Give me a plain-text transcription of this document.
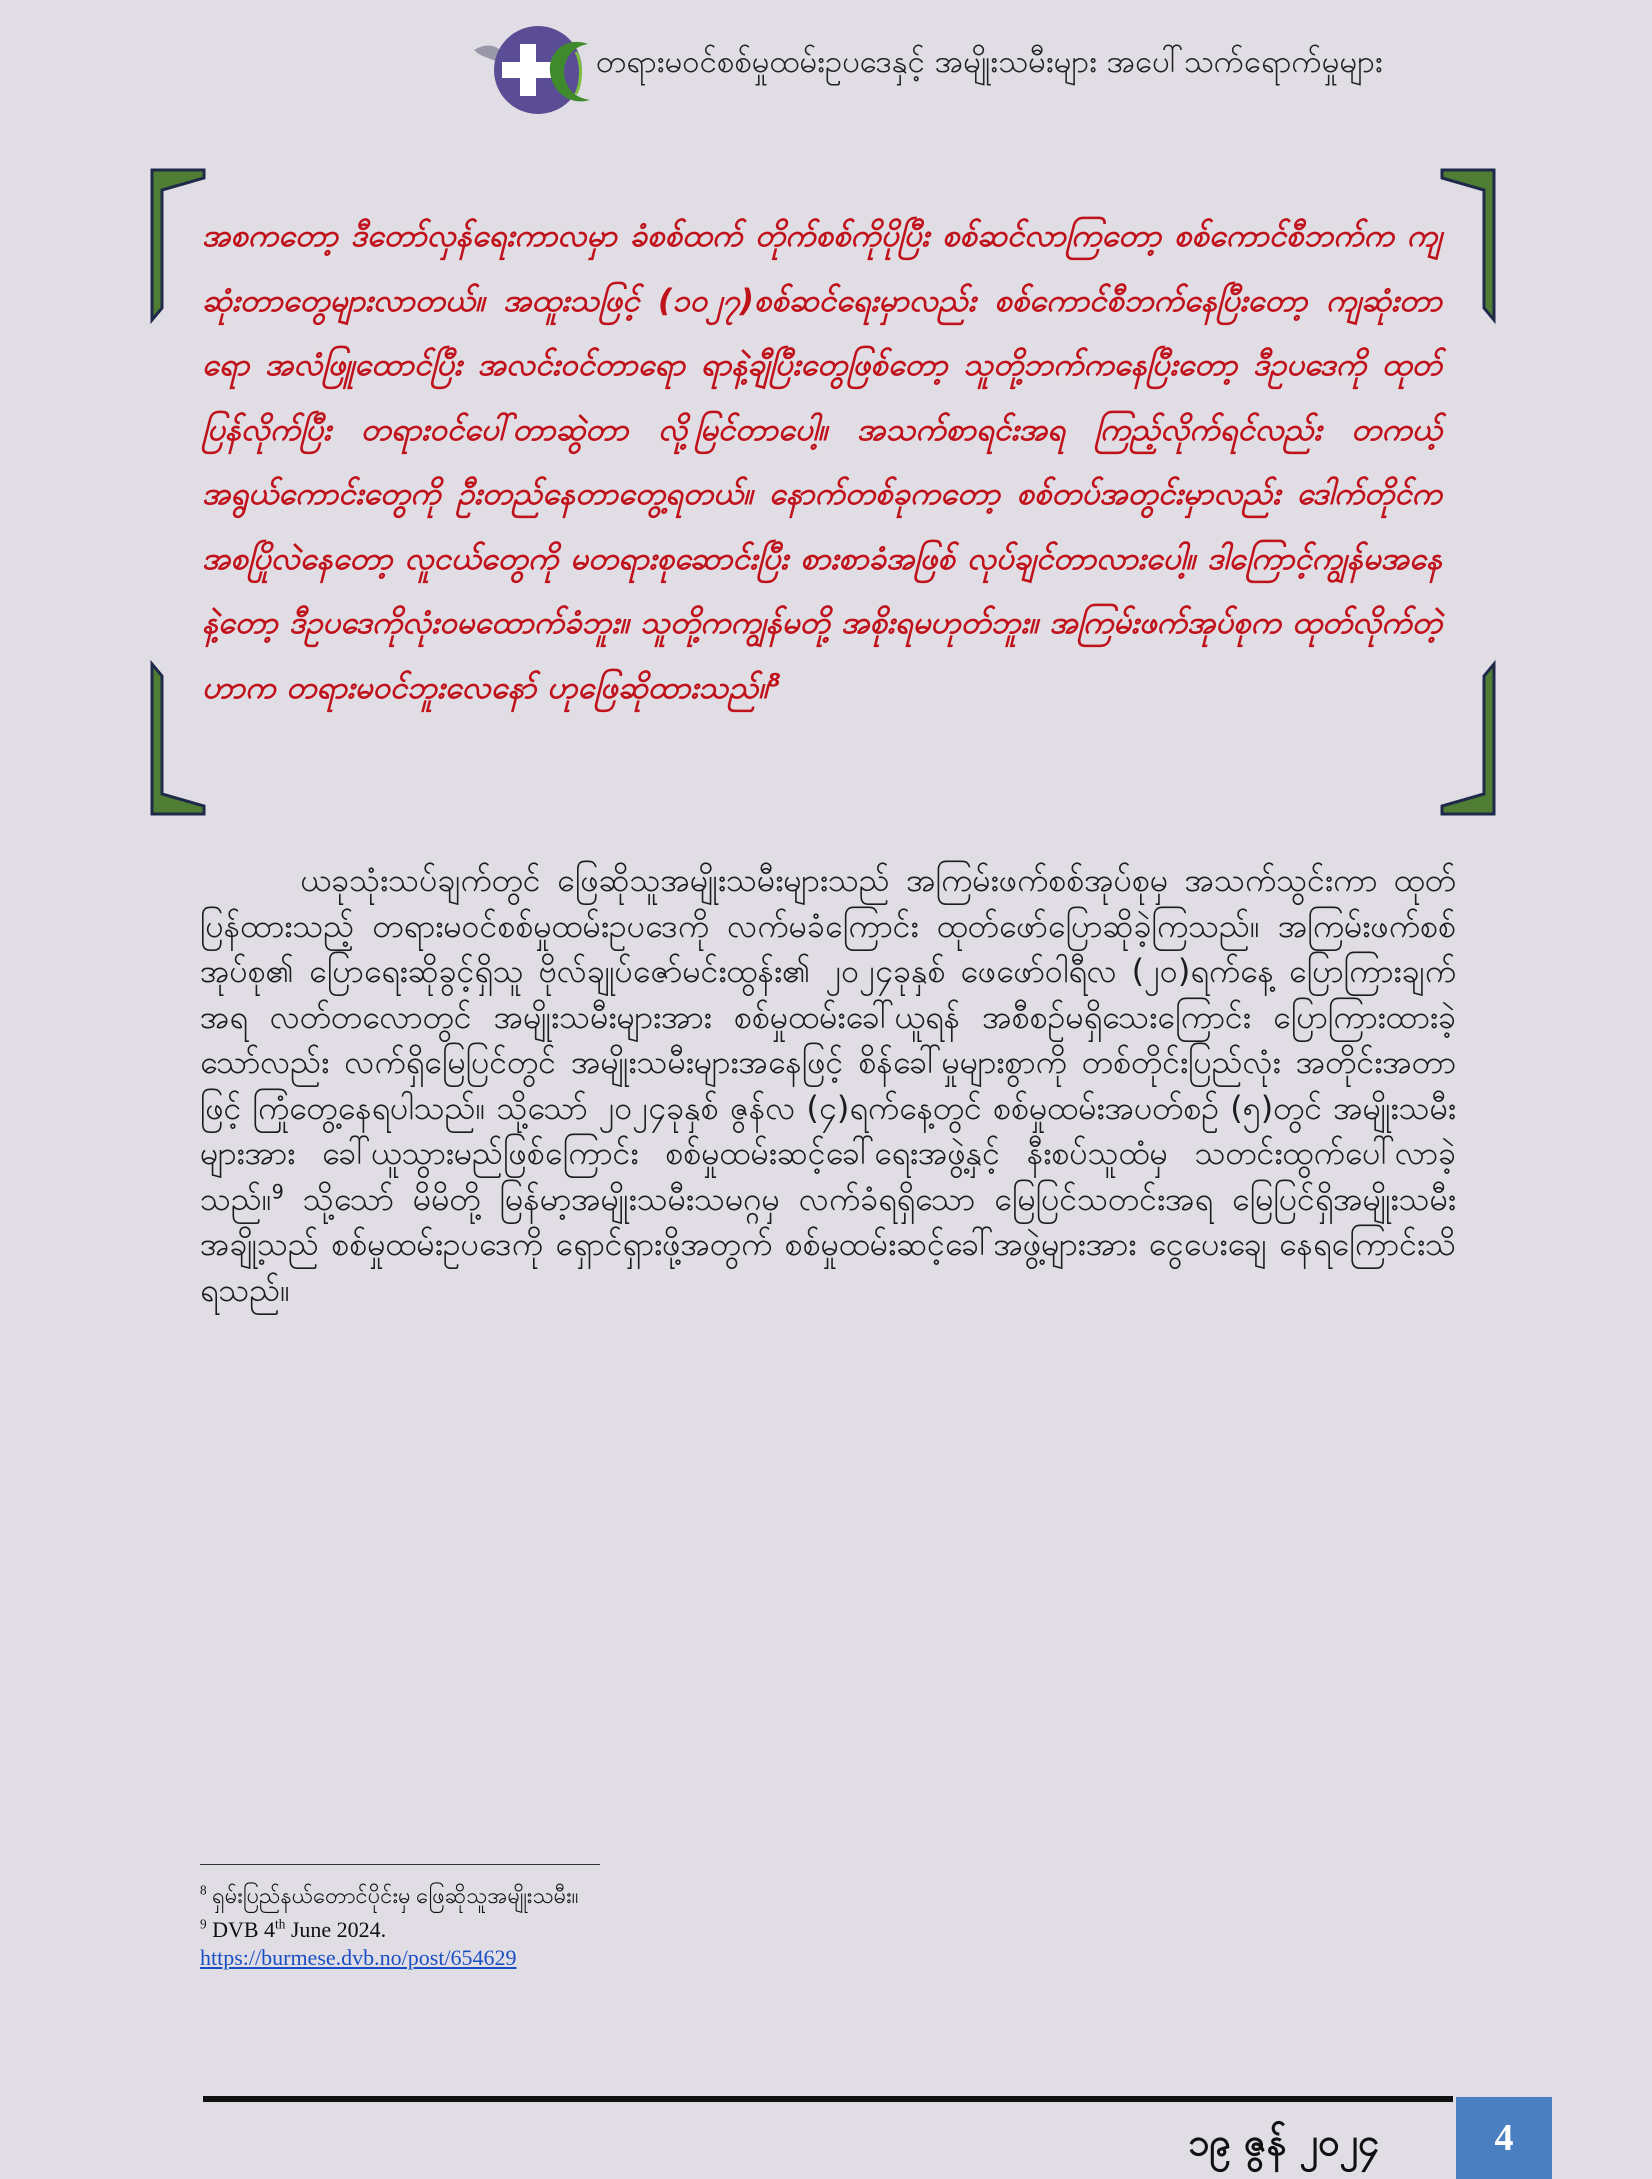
တရားမဝင်စစ်မှုထမ်းဥပဒေနှင့် အမျိုးသမီးများ အပေါ်သက်ရောက်မှုများ
အစကတော့ ဒီတော်လှန်ရေးကာလမှာ ခံစစ်ထက် တိုက်စစ်ကိုပိုပြီး စစ်ဆင်လာကြတော့ စစ်ကောင်စီဘက်က ကျဆုံးတာတွေများလာတယ်။ အထူးသဖြင့် (၁၀၂၇)စစ်ဆင်ရေးမှာလည်း စစ်ကောင်စီဘက်နေပြီးတော့ ကျဆုံးတာရော အလံဖြူထောင်ပြီး အလင်းဝင်တာရော ရာနဲ့ချီပြီးတွေဖြစ်တော့ သူတို့ဘက်ကနေပြီးတော့ ဒီဥပဒေကို ထုတ်ပြန်လိုက်ပြီး တရားဝင်ပေါ်တာဆွဲတာ လို့မြင်တာပေါ့။ အသက်စာရင်းအရ ကြည့်လိုက်ရင်လည်း တကယ့်အရွယ်ကောင်းတွေကို ဦးတည်နေတာတွေ့ရတယ်။ နောက်တစ်ခုကတော့ စစ်တပ်အတွင်းမှာလည်း ဒေါက်တိုင်ကအစပြိုလဲနေတော့ လူငယ်တွေကို မတရားစုဆောင်းပြီး စားစာခံအဖြစ် လုပ်ချင်တာလားပေါ့။ ဒါကြောင့်ကျွန်မအနေနဲ့တော့ ဒီဥပဒေကိုလုံးဝမထောက်ခံဘူး။ သူတို့ကကျွန်မတို့ အစိုးရမဟုတ်ဘူး။ အကြမ်းဖက်အုပ်စုက ထုတ်လိုက်တဲ့ဟာက တရားမဝင်ဘူးလေနော် ဟုဖြေဆိုထားသည်။$^8$
ယခုသုံးသပ်ချက်တွင် ဖြေဆိုသူအမျိုးသမီးများသည် အကြမ်းဖက်စစ်အုပ်စုမှ အသက်သွင်းကာ ထုတ်ပြန်ထားသည့် တရားမဝင်စစ်မှုထမ်းဥပဒေကို လက်မခံကြောင်း ထုတ်ဖော်ပြောဆိုခဲ့ကြသည်။ အကြမ်းဖက်စစ်အုပ်စု၏ ပြောရေးဆိုခွင့်ရှိသူ ဗိုလ်ချုပ်ဇော်မင်းထွန်း၏ ၂၀၂၄ခုနှစ် ဖေဖော်ဝါရီလ (၂၀)ရက်နေ့ ပြောကြားချက်အရ လတ်တလောတွင် အမျိုးသမီးများအား စစ်မှုထမ်းခေါ်ယူရန် အစီစဉ်မရှိသေးကြောင်း ပြောကြားထားခဲ့သော်လည်း လက်ရှိမြေပြင်တွင် အမျိုးသမီးများအနေဖြင့် စိန်ခေါ်မှုများစွာကို တစ်တိုင်းပြည်လုံး အတိုင်းအတာဖြင့် ကြုံတွေ့နေရပါသည်။ သို့သော် ၂၀၂၄ခုနှစ် ဇွန်လ (၄)ရက်နေ့တွင် စစ်မှုထမ်းအပတ်စဉ် (၅)တွင် အမျိုးသမီးများအား ခေါ်ယူသွားမည်ဖြစ်ကြောင်း စစ်မှုထမ်းဆင့်ခေါ်ရေးအဖွဲ့နှင့် နီးစပ်သူထံမှ သတင်းထွက်ပေါ်လာခဲ့သည်။$^9$ သို့သော် မိမိတို့ မြန်မာ့အမျိုးသမီးသမဂ္ဂမှ လက်ခံရရှိသော မြေပြင်သတင်းအရ မြေပြင်ရှိအမျိုးသမီးအချို့သည် စစ်မှုထမ်းဥပဒေကို ရှောင်ရှားဖို့အတွက် စစ်မှုထမ်းဆင့်ခေါ်အဖွဲ့များအား ငွေပေးချေ နေရကြောင်းသိရသည်။
$^8$ ရှမ်းပြည်နယ်တောင်ပိုင်းမှ ဖြေဆိုသူအမျိုးသမီး။
$^9$ DVB 4th June 2024.
https://burmese.dvb.no/post/654629
၁၉ ဇွန် ၂၀၂၄	4
